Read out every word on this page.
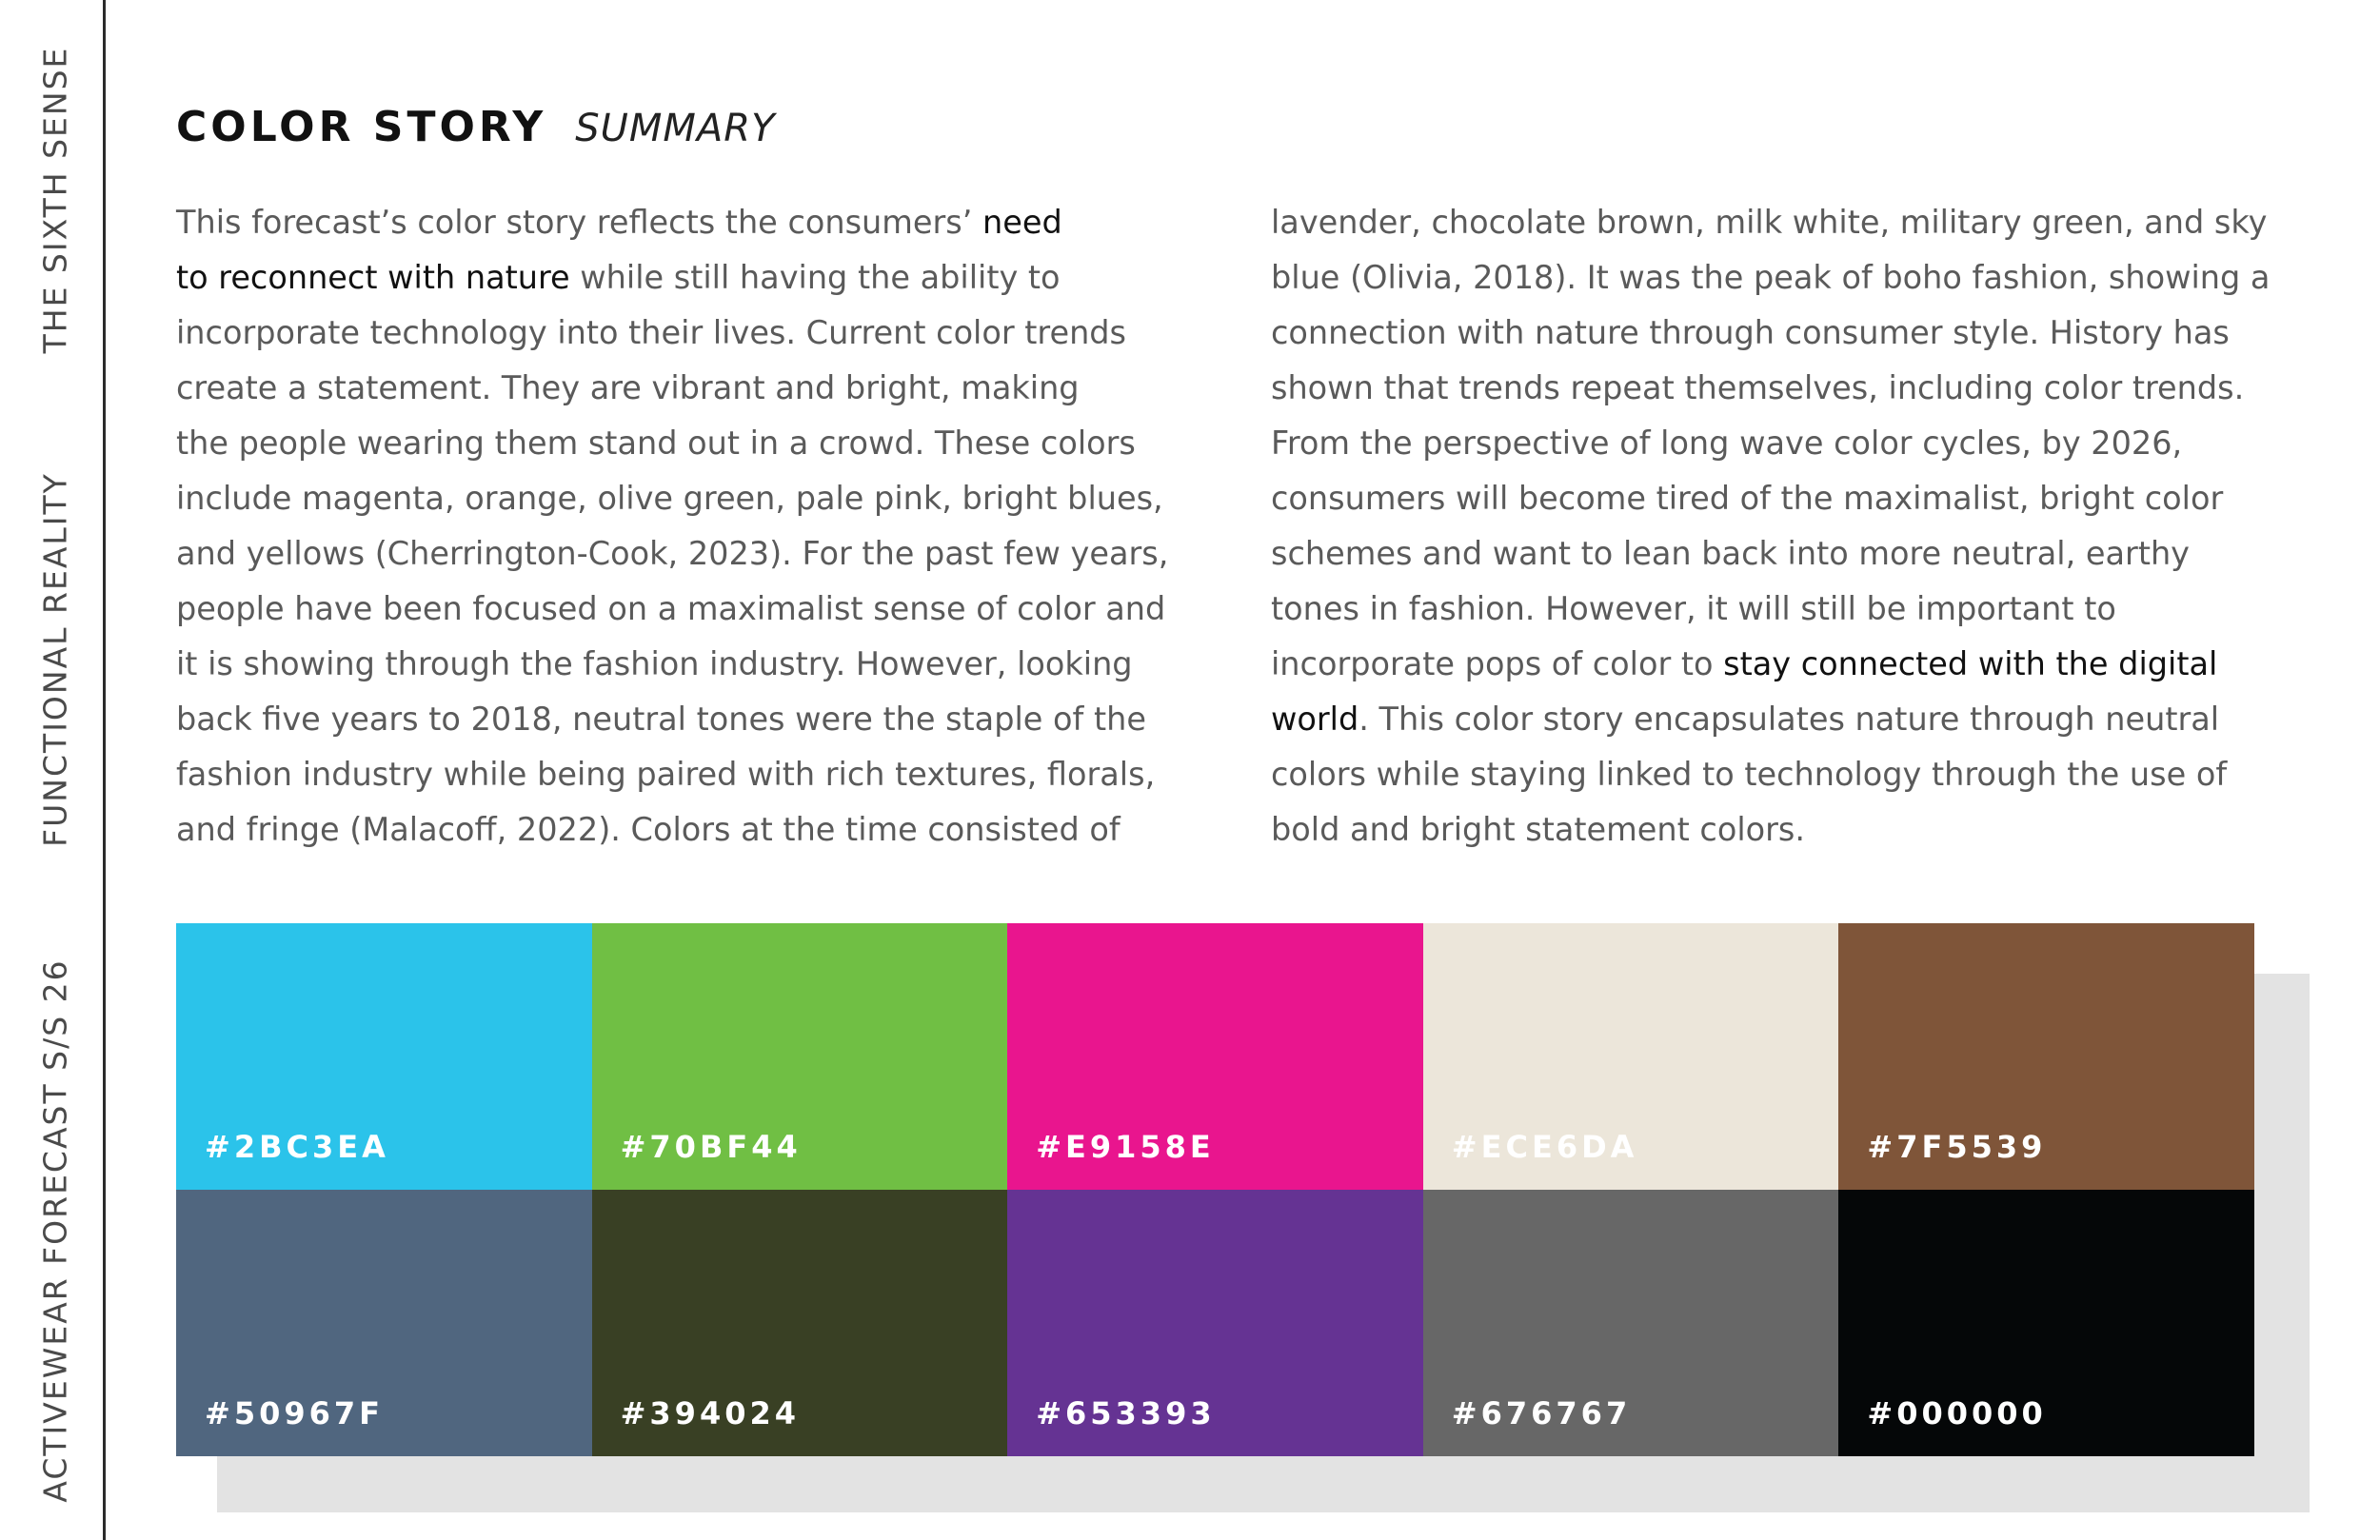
THE SIXTH SENSE
FUNCTIONAL REALITY
ACTIVEWEAR FORECAST S/S 26
COLOR STORY SUMMARY
This forecast’s color story reflects the consumers’ need
to reconnect with nature while still having the ability to
incorporate technology into their lives. Current color trends
create a statement. They are vibrant and bright, making
the people wearing them stand out in a crowd. These colors
include magenta, orange, olive green, pale pink, bright blues,
and yellows (Cherrington-Cook, 2023). For the past few years,
people have been focused on a maximalist sense of color and
it is showing through the fashion industry. However, looking
back five years to 2018, neutral tones were the staple of the
fashion industry while being paired with rich textures, florals,
and fringe (Malacoff, 2022). Colors at the time consisted of
lavender, chocolate brown, milk white, military green, and sky
blue (Olivia, 2018). It was the peak of boho fashion, showing a
connection with nature through consumer style. History has
shown that trends repeat themselves, including color trends.
From the perspective of long wave color cycles, by 2026,
consumers will become tired of the maximalist, bright color
schemes and want to lean back into more neutral, earthy
tones in fashion. However, it will still be important to
incorporate pops of color to stay connected with the digital
world. This color story encapsulates nature through neutral
colors while staying linked to technology through the use of
bold and bright statement colors.
#2BC3EA	#70BF44	#E9158E	#ECE6DA	#7F5539
#50967F	#394024	#653393	#676767	#000000
